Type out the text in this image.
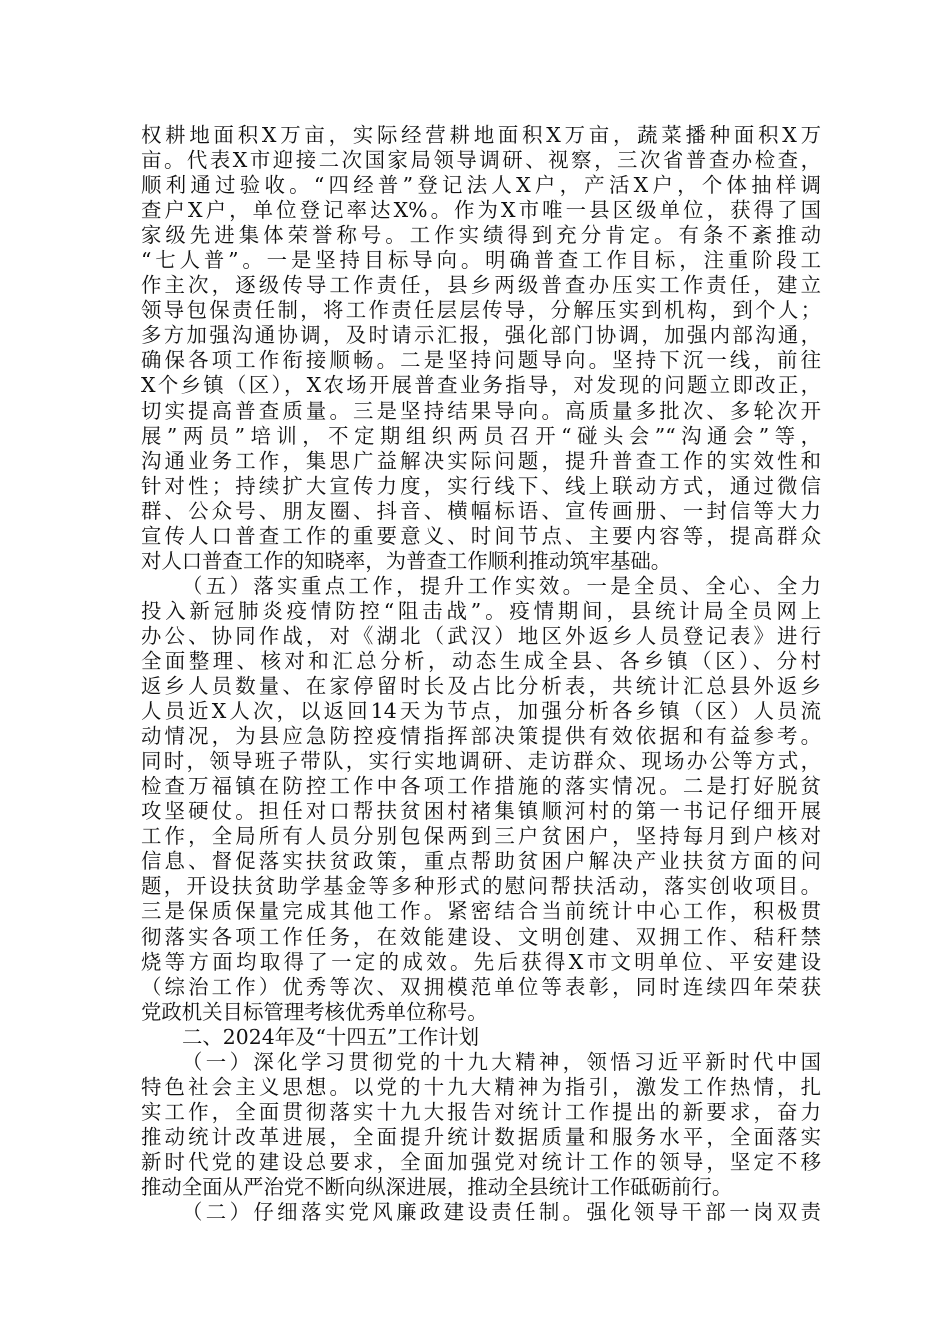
权耕地面积X万亩，实际经营耕地面积X万亩，蔬菜播种面积X万
亩。代表X市迎接二次国家局领导调研、视察，三次省普查办检查，
顺利通过验收。“四经普”登记法人X户，产活X户，个体抽样调
查户X户，单位登记率达X%。作为X市唯一县区级单位，获得了国
家级先进集体荣誉称号。工作实绩得到充分肯定。有条不紊推动
“七人普”。一是坚持目标导向。明确普查工作目标，注重阶段工
作主次，逐级传导工作责任，县乡两级普查办压实工作责任，建立
领导包保责任制，将工作责任层层传导，分解压实到机构，到个人；
多方加强沟通协调，及时请示汇报，强化部门协调，加强内部沟通，
确保各项工作衔接顺畅。二是坚持问题导向。坚持下沉一线，前往
X个乡镇（区），X农场开展普查业务指导，对发现的问题立即改正，
切实提高普查质量。三是坚持结果导向。高质量多批次、多轮次开
展”两员”培训，不定期组织两员召开“碰头会”“沟通会”等，
沟通业务工作，集思广益解决实际问题，提升普查工作的实效性和
针对性；持续扩大宣传力度，实行线下、线上联动方式，通过微信
群、公众号、朋友圈、抖音、横幅标语、宣传画册、一封信等大力
宣传人口普查工作的重要意义、时间节点、主要内容等，提高群众
对人口普查工作的知晓率，为普查工作顺利推动筑牢基础。

（五）落实重点工作，提升工作实效。一是全员、全心、全力
投入新冠肺炎疫情防控“阻击战”。疫情期间，县统计局全员网上
办公、协同作战，对《湖北（武汉）地区外返乡人员登记表》进行
全面整理、核对和汇总分析，动态生成全县、各乡镇（区）、分村
返乡人员数量、在家停留时长及占比分析表，共统计汇总县外返乡
人员近X人次，以返回14天为节点，加强分析各乡镇（区）人员流
动情况，为县应急防控疫情指挥部决策提供有效依据和有益参考。
同时，领导班子带队，实行实地调研、走访群众、现场办公等方式，
检查万福镇在防控工作中各项工作措施的落实情况。二是打好脱贫
攻坚硬仗。担任对口帮扶贫困村褚集镇顺河村的第一书记仔细开展
工作，全局所有人员分别包保两到三户贫困户，坚持每月到户核对
信息、督促落实扶贫政策，重点帮助贫困户解决产业扶贫方面的问
题，开设扶贫助学基金等多种形式的慰问帮扶活动，落实创收项目。
三是保质保量完成其他工作。紧密结合当前统计中心工作，积极贯
彻落实各项工作任务，在效能建设、文明创建、双拥工作、秸秆禁
烧等方面均取得了一定的成效。先后获得X市文明单位、平安建设
（综治工作）优秀等次、双拥模范单位等表彰，同时连续四年荣获
党政机关目标管理考核优秀单位称号。

二、2024年及“十四五”工作计划

（一）深化学习贯彻党的十九大精神，领悟习近平新时代中国
特色社会主义思想。以党的十九大精神为指引，激发工作热情，扎
实工作，全面贯彻落实十九大报告对统计工作提出的新要求，奋力
推动统计改革进展，全面提升统计数据质量和服务水平，全面落实
新时代党的建设总要求，全面加强党对统计工作的领导，坚定不移
推动全面从严治党不断向纵深进展，推动全县统计工作砥砺前行。

（二）仔细落实党风廉政建设责任制。强化领导干部一岗双责
